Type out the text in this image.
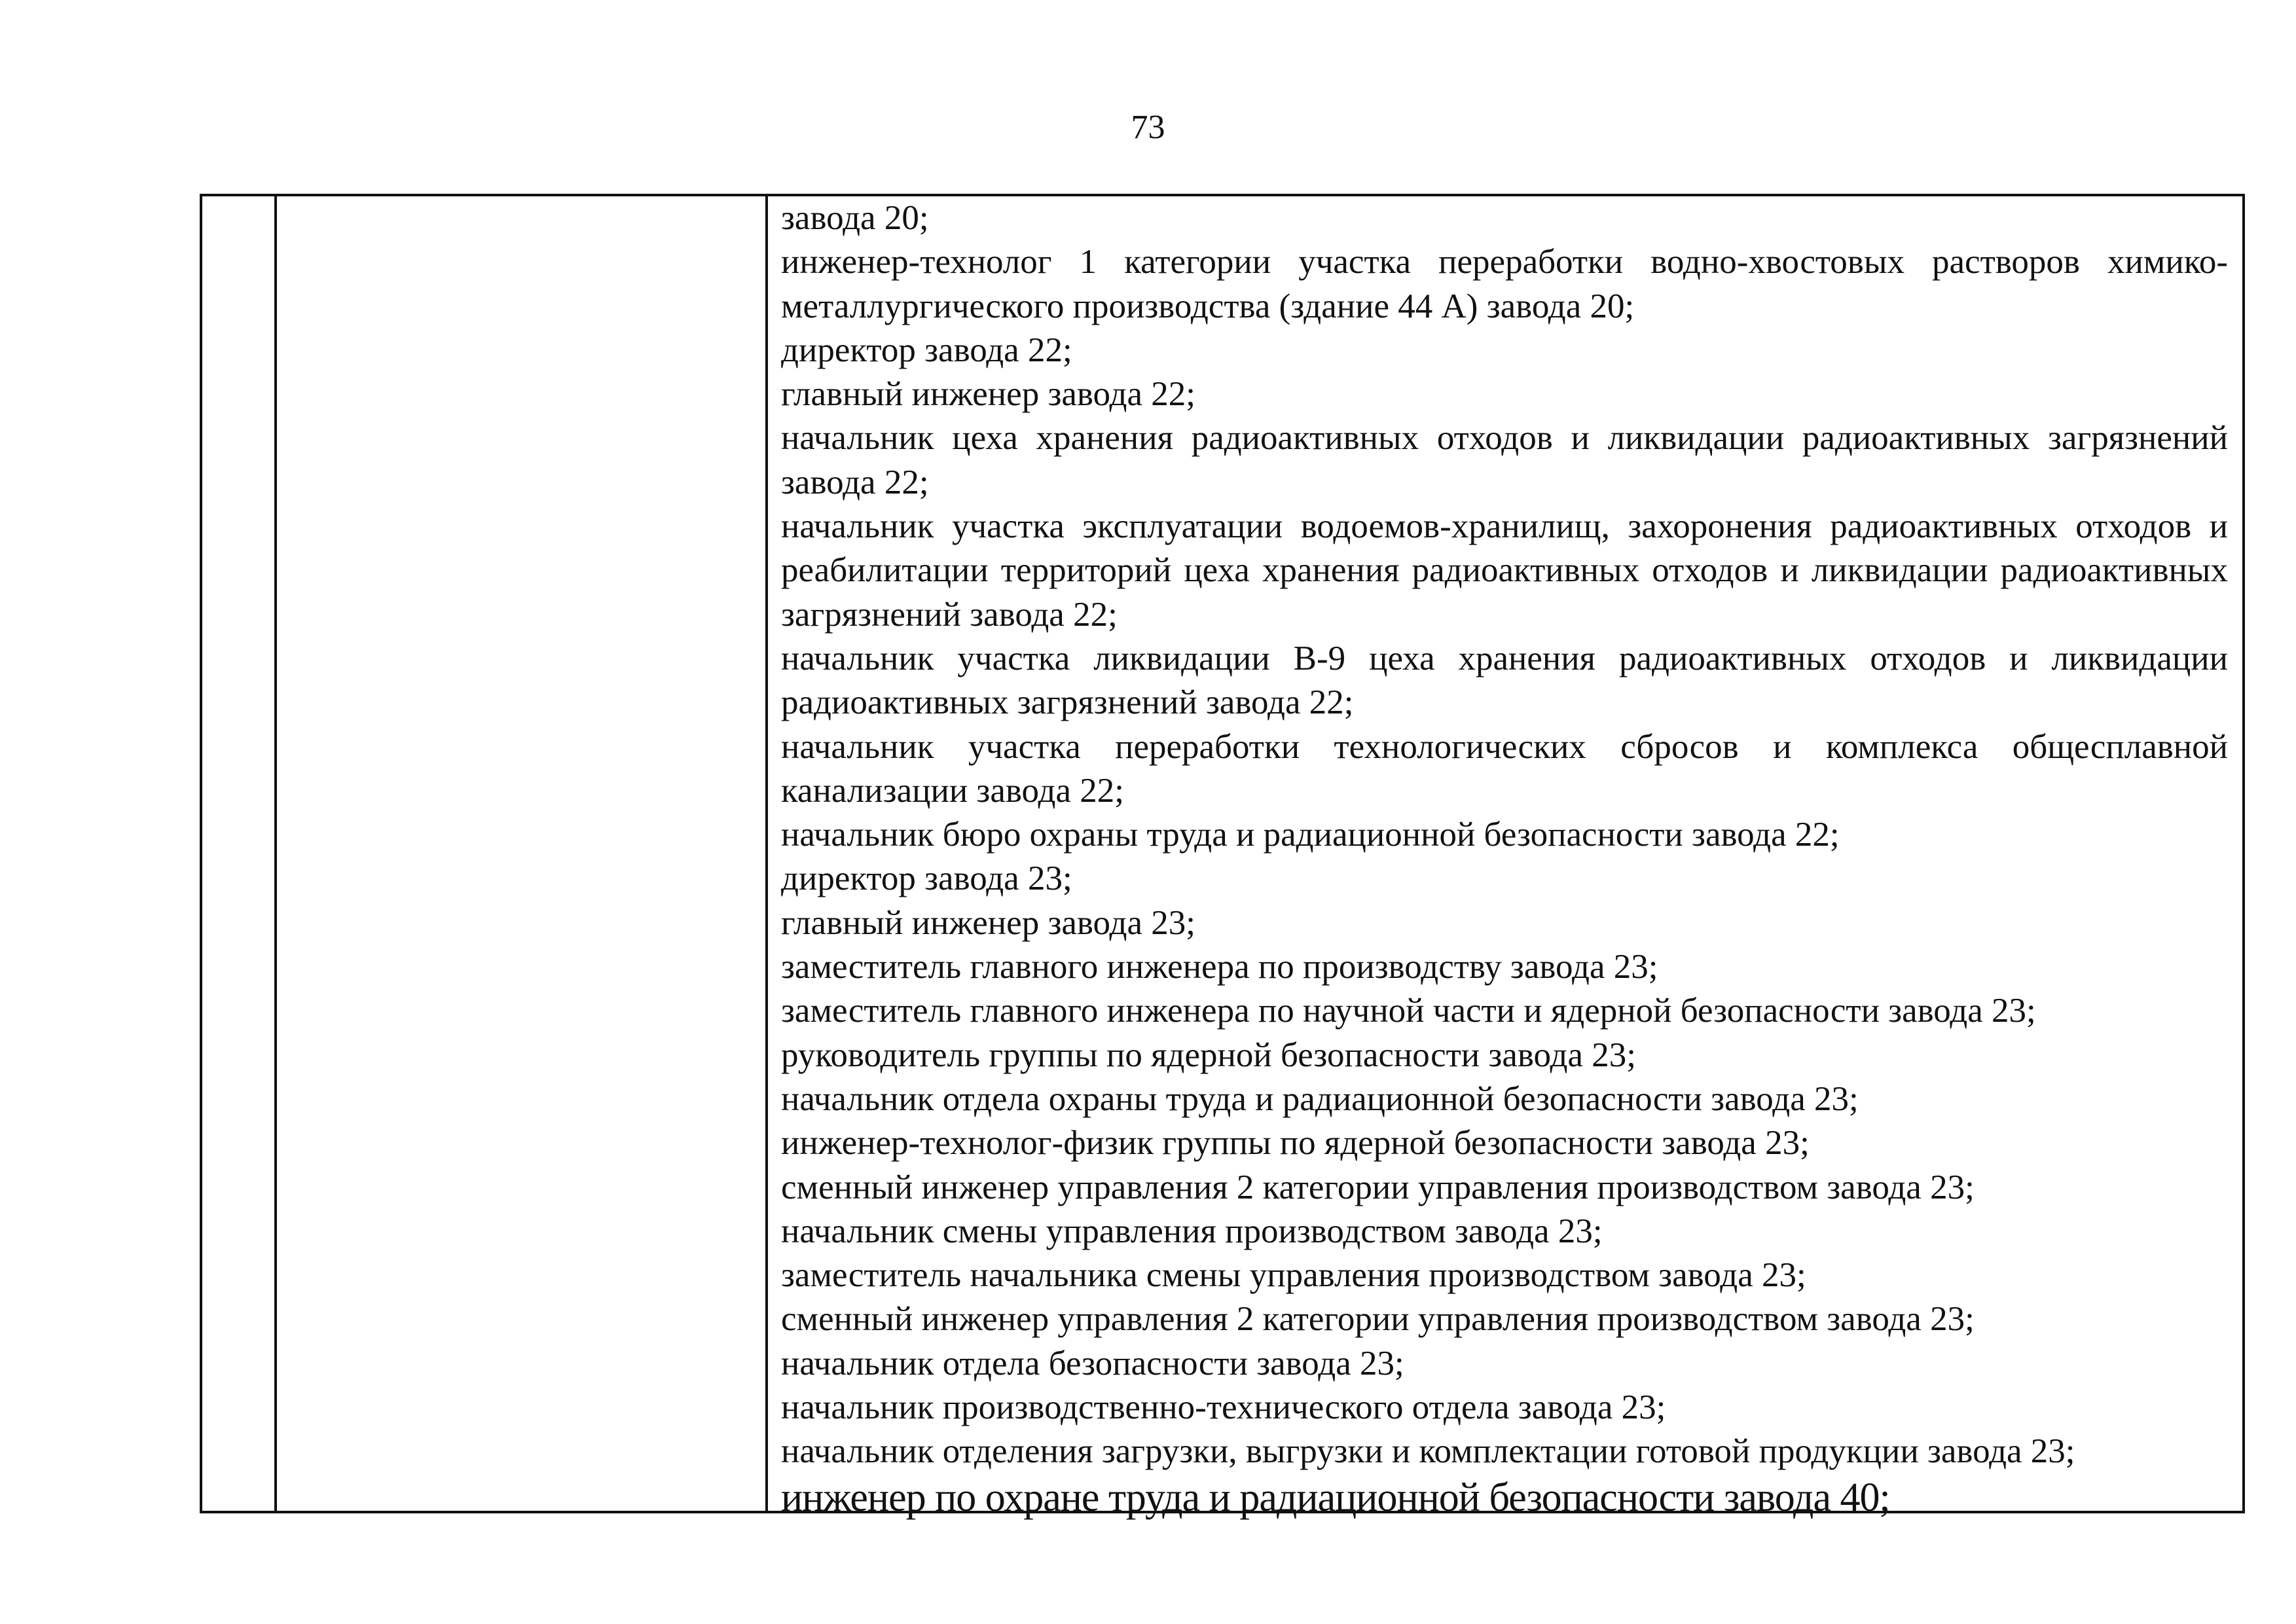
73

завода 20;

инженер-технолог 1 категории участка переработки водно-хвостовых растворов химико-металлургического производства (здание 44 А) завода 20;

директор завода 22;

главный инженер завода 22;

начальник цеха хранения радиоактивных отходов и ликвидации радиоактивных загрязнений завода 22;

начальник участка эксплуатации водоемов-хранилищ, захоронения радиоактивных отходов и реабилитации территорий цеха хранения радиоактивных отходов и ликвидации радиоактивных загрязнений завода 22;

начальник участка ликвидации В-9 цеха хранения радиоактивных отходов и ликвидации радиоактивных загрязнений завода 22;

начальник участка переработки технологических сбросов и комплекса общесплавной канализации завода 22;

начальник бюро охраны труда и радиационной безопасности завода 22;

директор завода 23;

главный инженер завода 23;

заместитель главного инженера по производству завода 23;

заместитель главного инженера по научной части и ядерной безопасности завода 23;

руководитель группы по ядерной безопасности завода 23;

начальник отдела охраны труда и радиационной безопасности завода 23;

инженер-технолог-физик группы по ядерной безопасности завода 23;

сменный инженер управления 2 категории управления производством завода 23;

начальник смены управления производством завода 23;

заместитель начальника смены управления производством завода 23;

сменный инженер управления 2 категории управления производством завода 23;

начальник отдела безопасности завода 23;

начальник производственно-технического отдела завода 23;

начальник отделения загрузки, выгрузки и комплектации готовой продукции завода 23;

инженер по охране труда и радиационной безопасности завода 40;
